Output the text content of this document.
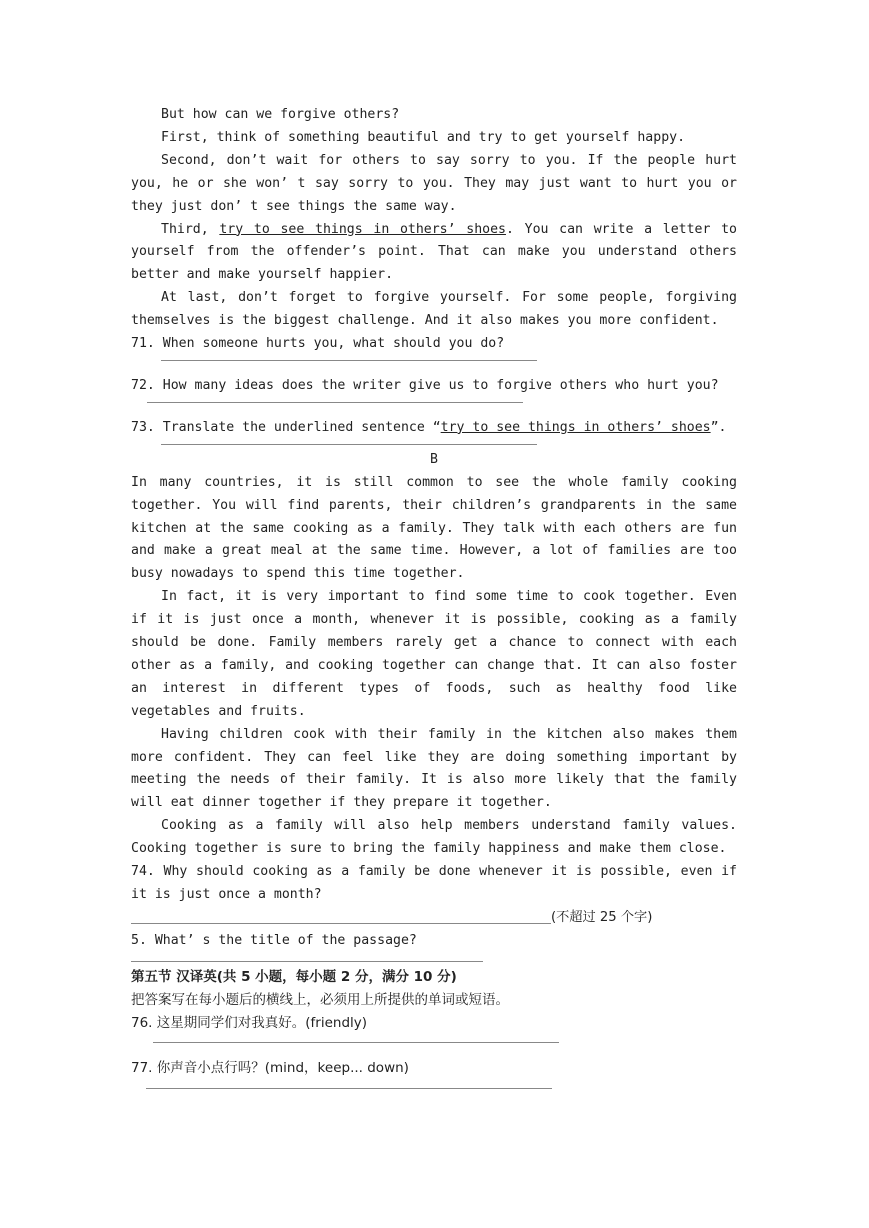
But how can we forgive others?

First, think of something beautiful and try to get yourself happy.

Second, don’t wait for others to say sorry to you. If the people hurt you, he or she won’ t say sorry to you. They may just want to hurt you or they just don’ t see things the same way.

Third, try to see things in others’ shoes. You can write a letter to yourself from the offender’s point. That can make you understand others better and make yourself happier.

At last, don’t forget to forgive yourself. For some people, forgiving themselves is the biggest challenge. And it also makes you more confident.

71. When someone hurts you, what should you do?

72. How many ideas does the writer give us to forgive others who hurt you?

73. Translate the underlined sentence “try to see things in others’ shoes”.

B

In many countries, it is still common to see the whole family cooking together. You will find parents, their children’s grandparents in the same kitchen at the same cooking as a family. They talk with each others are fun and make a great meal at the same time. However, a lot of families are too busy nowadays to spend this time together.

In fact, it is very important to find some time to cook together. Even if it is just once a month, whenever it is possible, cooking as a family should be done. Family members rarely get a chance to connect with each other as a family, and cooking together can change that. It can also foster an interest in different types of foods, such as healthy food like vegetables and fruits.

Having children cook with their family in the kitchen also makes them more confident. They can feel like they are doing something important by meeting the needs of their family. It is also more likely that the family will eat dinner together if they prepare it together.

Cooking as a family will also help members understand family values. Cooking together is sure to bring the family happiness and make them close.

74. Why should cooking as a family be done whenever it is possible, even if it is just once a month?

(不超过 25 个字)

5. What’ s the title of the passage?

第五节 汉译英(共 5 小题，每小题 2 分，满分 10 分)

把答案写在每小题后的横线上，必须用上所提供的单词或短语。

76. 这星期同学们对我真好。(friendly)

77. 你声音小点行吗？(mind，keep... down)
